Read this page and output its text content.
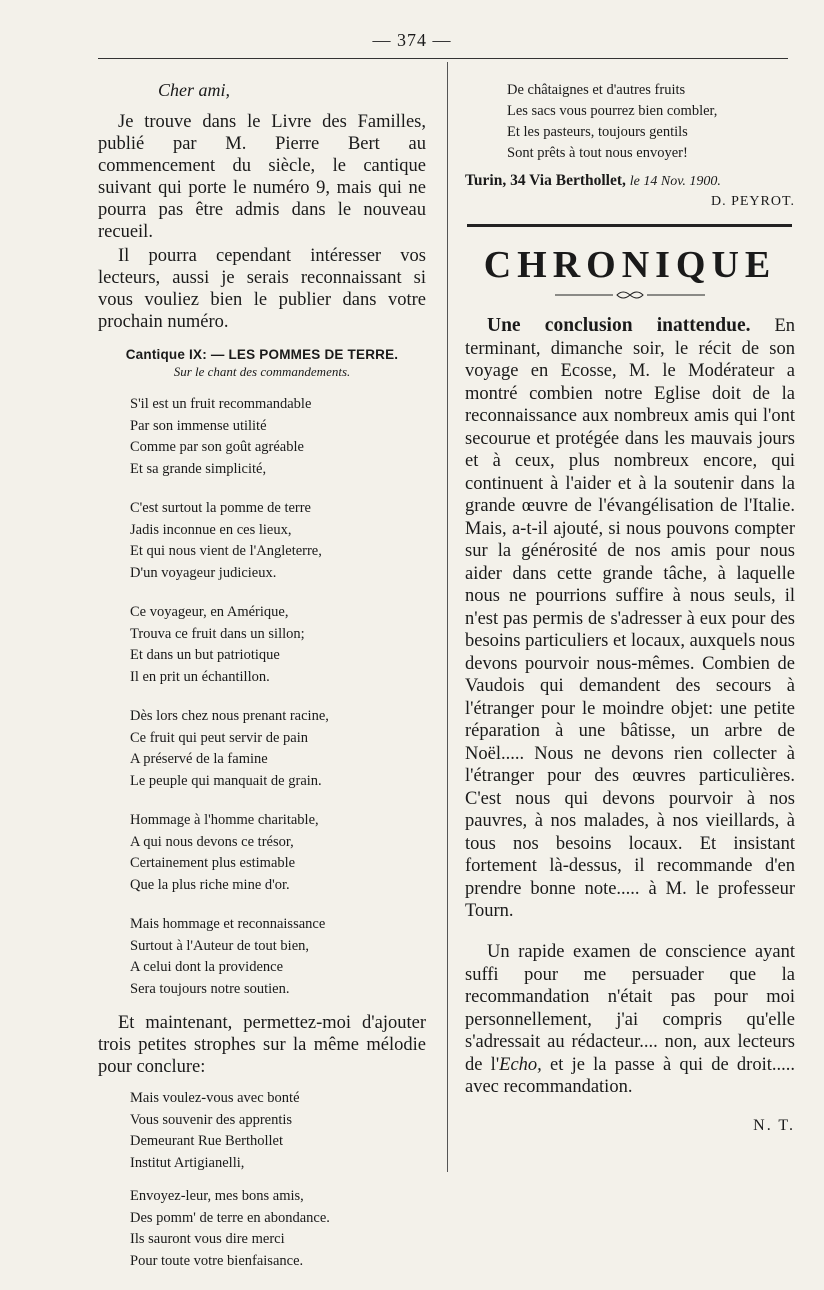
— 374 —
Cher ami,

Je trouve dans le Livre des Familles, publié par M. Pierre Bert au commencement du siècle, le cantique suivant qui porte le numéro 9, mais qui ne pourra pas être admis dans le nouveau recueil.

Il pourra cependant intéresser vos lecteurs, aussi je serais reconnaissant si vous vouliez bien le publier dans votre prochain numéro.

Cantique IX: — LES POMMES DE TERRE.
Sur le chant des commandements.
S'il est un fruit recommandable
Par son immense utilité
Comme par son goût agréable
Et sa grande simplicité,
C'est surtout la pomme de terre
Jadis inconnue en ces lieux,
Et qui nous vient de l'Angleterre,
D'un voyageur judicieux.
Ce voyageur, en Amérique,
Trouva ce fruit dans un sillon;
Et dans un but patriotique
Il en prit un échantillon.
Dès lors chez nous prenant racine,
Ce fruit qui peut servir de pain
A préservé de la famine
Le peuple qui manquait de grain.
Hommage à l'homme charitable,
A qui nous devons ce trésor,
Certainement plus estimable
Que la plus riche mine d'or.
Mais hommage et reconnaissance
Surtout à l'Auteur de tout bien,
A celui dont la providence
Sera toujours notre soutien.

Et maintenant, permettez-moi d'ajouter trois petites strophes sur la même mélodie pour conclure:

Mais voulez-vous avec bonté
Vous souvenir des apprentis
Demeurant Rue Berthollet
Institut Artigianelli,
Envoyez-leur, mes bons amis,
Des pomm' de terre en abondance.
Ils sauront vous dire merci
Pour toute votre bienfaisance.
De châtaignes et d'autres fruits
Les sacs vous pourrez bien combler,
Et les pasteurs, toujours gentils
Sont prêts à tout nous envoyer!
Turin, 34 Via Berthollet, le 14 Nov. 1900.
D. PEYROT.
CHRONIQUE

Une conclusion inattendue. En terminant, dimanche soir, le récit de son voyage en Ecosse, M. le Modérateur a montré combien notre Eglise doit de la reconnaissance aux nombreux amis qui l'ont secourue et protégée dans les mauvais jours et à ceux, plus nombreux encore, qui continuent à l'aider et à la soutenir dans la grande œuvre de l'évangélisation de l'Italie. Mais, a-t-il ajouté, si nous pouvons compter sur la générosité de nos amis pour nous aider dans cette grande tâche, à laquelle nous ne pourrions suffire à nous seuls, il n'est pas permis de s'adresser à eux pour des besoins particuliers et locaux, auxquels nous devons pourvoir nous-mêmes. Combien de Vaudois qui demandent des secours à l'étranger pour le moindre objet: une petite réparation à une bâtisse, un arbre de Noël..... Nous ne devons rien collecter à l'étranger pour des œuvres particulières. C'est nous qui devons pourvoir à nos pauvres, à nos malades, à nos vieillards, à tous nos besoins locaux. Et insistant fortement là-dessus, il recommande d'en prendre bonne note..... à M. le professeur Tourn.

Un rapide examen de conscience ayant suffi pour me persuader que la recommandation n'était pas pour moi personnellement, j'ai compris qu'elle s'adressait au rédacteur.... non, aux lecteurs de l'Echo, et je la passe à qui de droit..... avec recommandation.

N. T.
